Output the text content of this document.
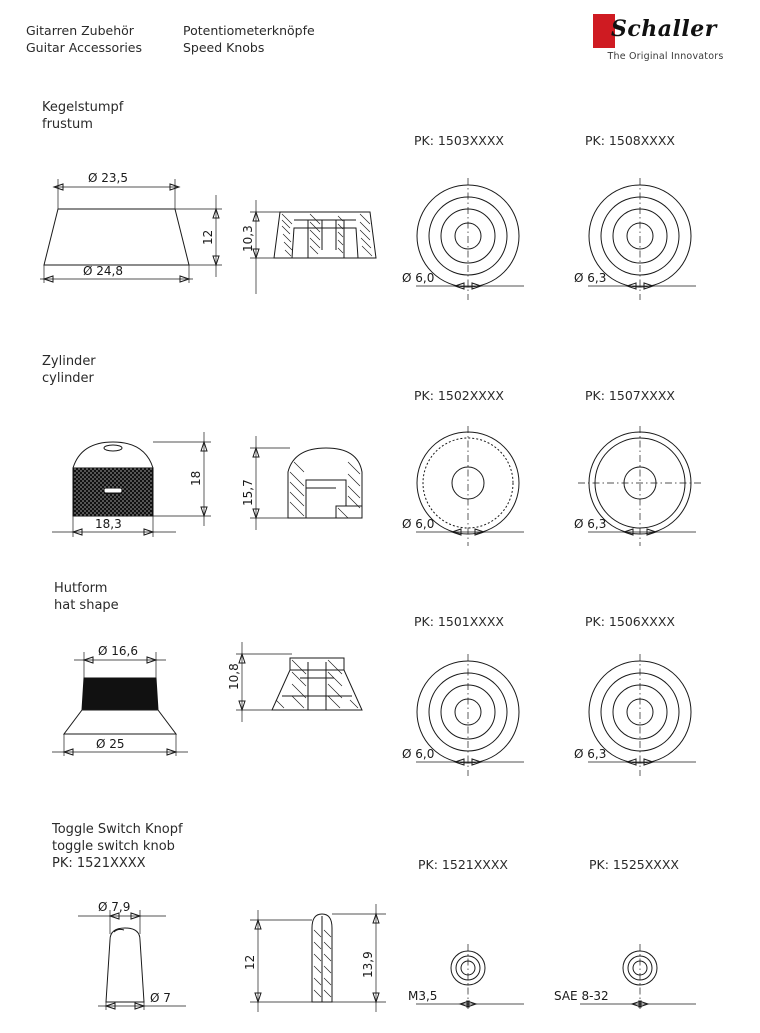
Gitarren Zubehör
Guitar Accessories
Potentiometerknöpfe
Speed Knobs
Schaller
The Original Innovators
Kegelstumpf
frustum
PK: 1503XXXX	PK: 1508XXXX
Ø 23,5
Ø 24,8
12 10,3
Ø 6,0	Ø 6,3
Zylinder
cylinder
PK: 1502XXXX	PK: 1507XXXX
18
18,3
15,7
Ø 6,0	Ø 6,3
Hutform
hat shape
PK: 1501XXXX	PK: 1506XXXX
Ø 16,6
Ø 25
10,8
Ø 6,0	Ø 6,3
Toggle Switch Knopf
toggle switch knob
PK: 1521XXXX	PK: 1521XXXX	PK: 1525XXXX
Ø 7,9
Ø 7
12	13,9
M3,5	SAE 8-32
